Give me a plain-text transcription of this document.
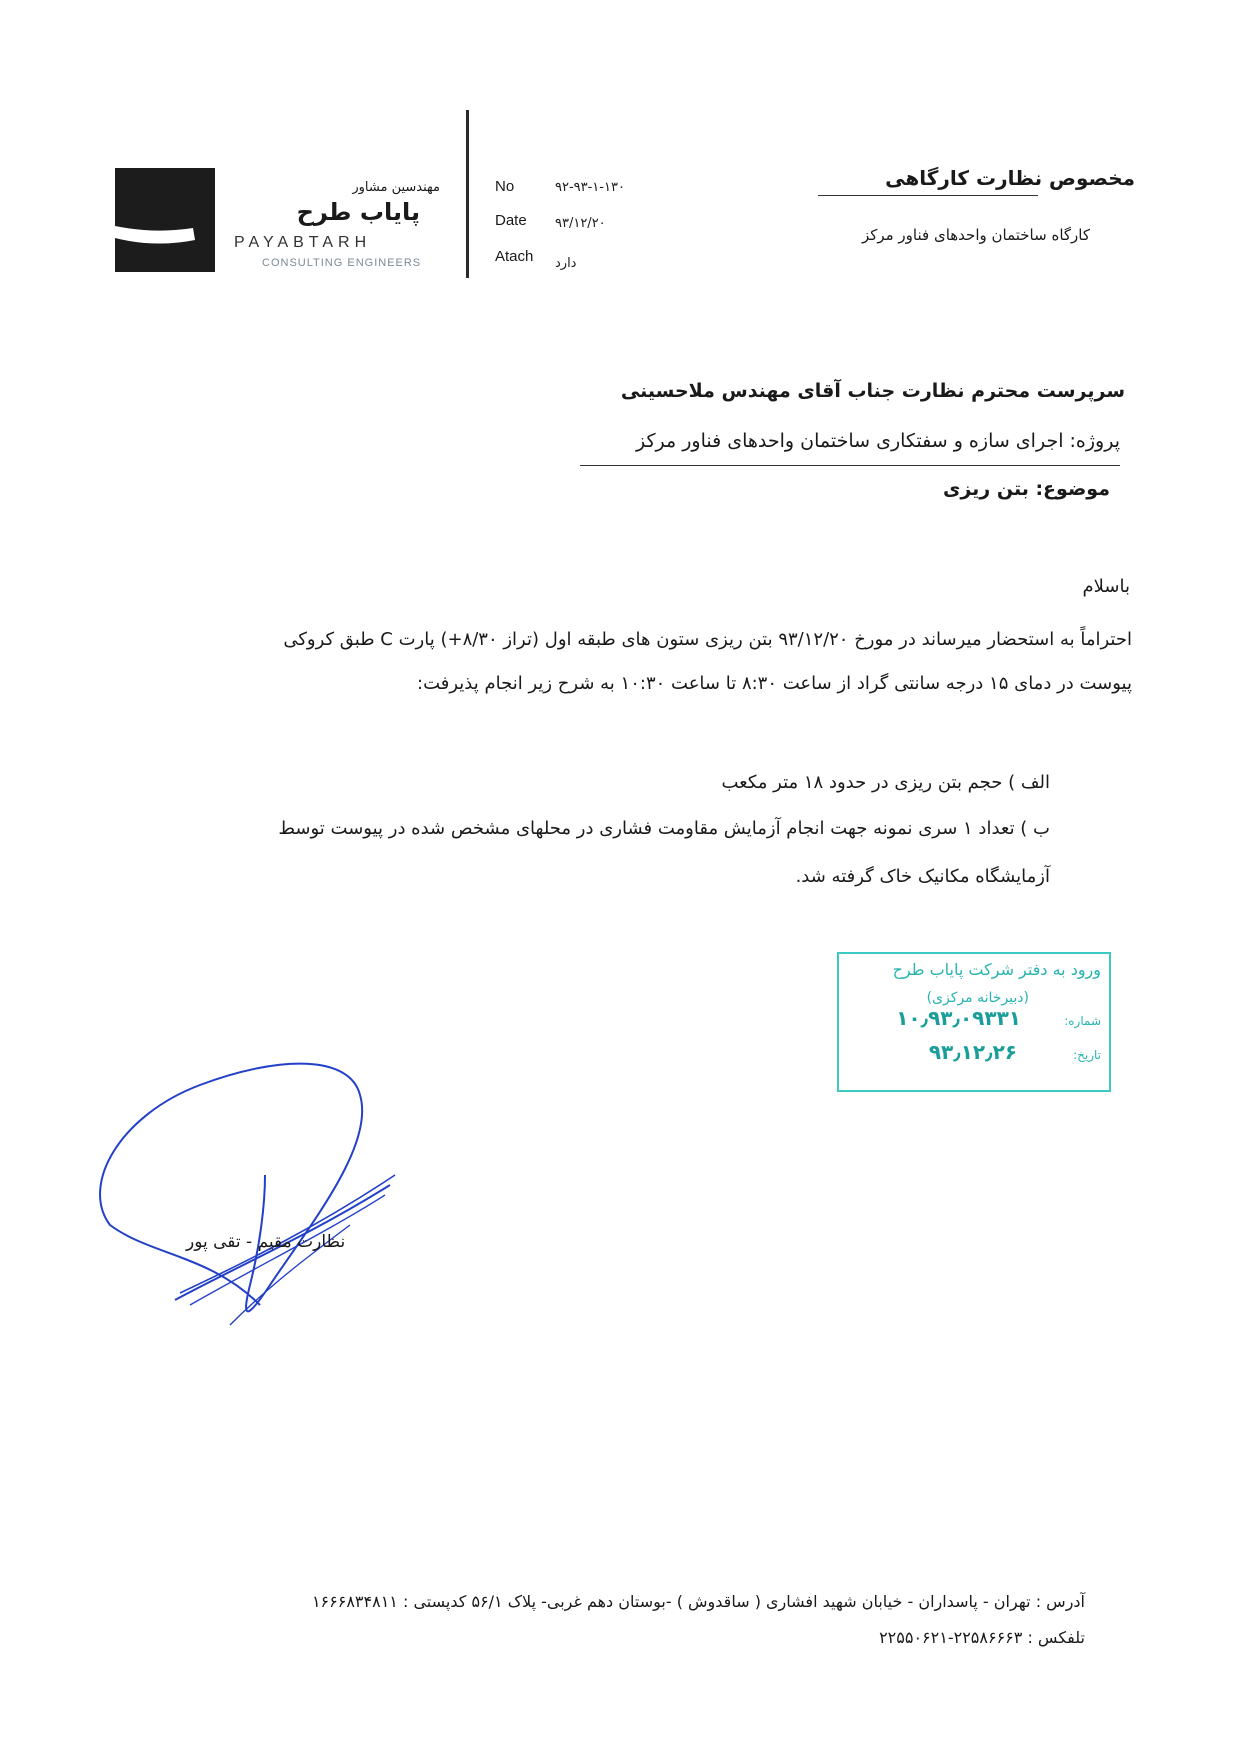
مهندسین مشاور
پایاب طرح
PAYABTARH
CONSULTING ENGINEERS
No	۹۲-۹۳-۱-۱۳۰
Date ۹۳/۱۲/۲۰
Atach دارد
مخصوص نظارت کارگاهی
کارگاه ساختمان واحدهای فناور مرکز
سرپرست محترم نظارت جناب آقای مهندس ملاحسینی
پروژه: اجرای سازه و سفتکاری ساختمان واحدهای فناور مرکز
موضوع: بتن ریزی
باسلام
احتراماً به استحضار میرساند در مورخ ۹۳/۱۲/۲۰ بتن ریزی ستون های طبقه اول (تراز ۸/۳۰+) پارت C طبق کروکی
پیوست در دمای ۱۵ درجه سانتی گراد از ساعت ۸:۳۰ تا ساعت ۱۰:۳۰ به شرح زیر انجام پذیرفت:
الف ) حجم بتن ریزی در حدود ۱۸ متر مکعب
ب ) تعداد ۱ سری نمونه جهت انجام آزمایش مقاومت فشاری در محلهای مشخص شده در پیوست توسط
آزمایشگاه مکانیک خاک گرفته شد.
ورود به دفتر شرکت پایاب طرح
(دبیرخانه مرکزی)
شماره:
۱۰٫۹۳٫۰۹۳۳۱
تاریخ:
۹۳٫۱۲٫۲۶
نظارت مقیم - تقی پور
آدرس : تهران - پاسداران - خیابان شهید افشاری ( ساقدوش ) -بوستان دهم غربی- پلاک ۵۶/۱ کدپستی : ۱۶۶۶۸۳۴۸۱۱
تلفکس : ۲۲۵۸۶۶۶۳-۲۲۵۵۰۶۲۱
